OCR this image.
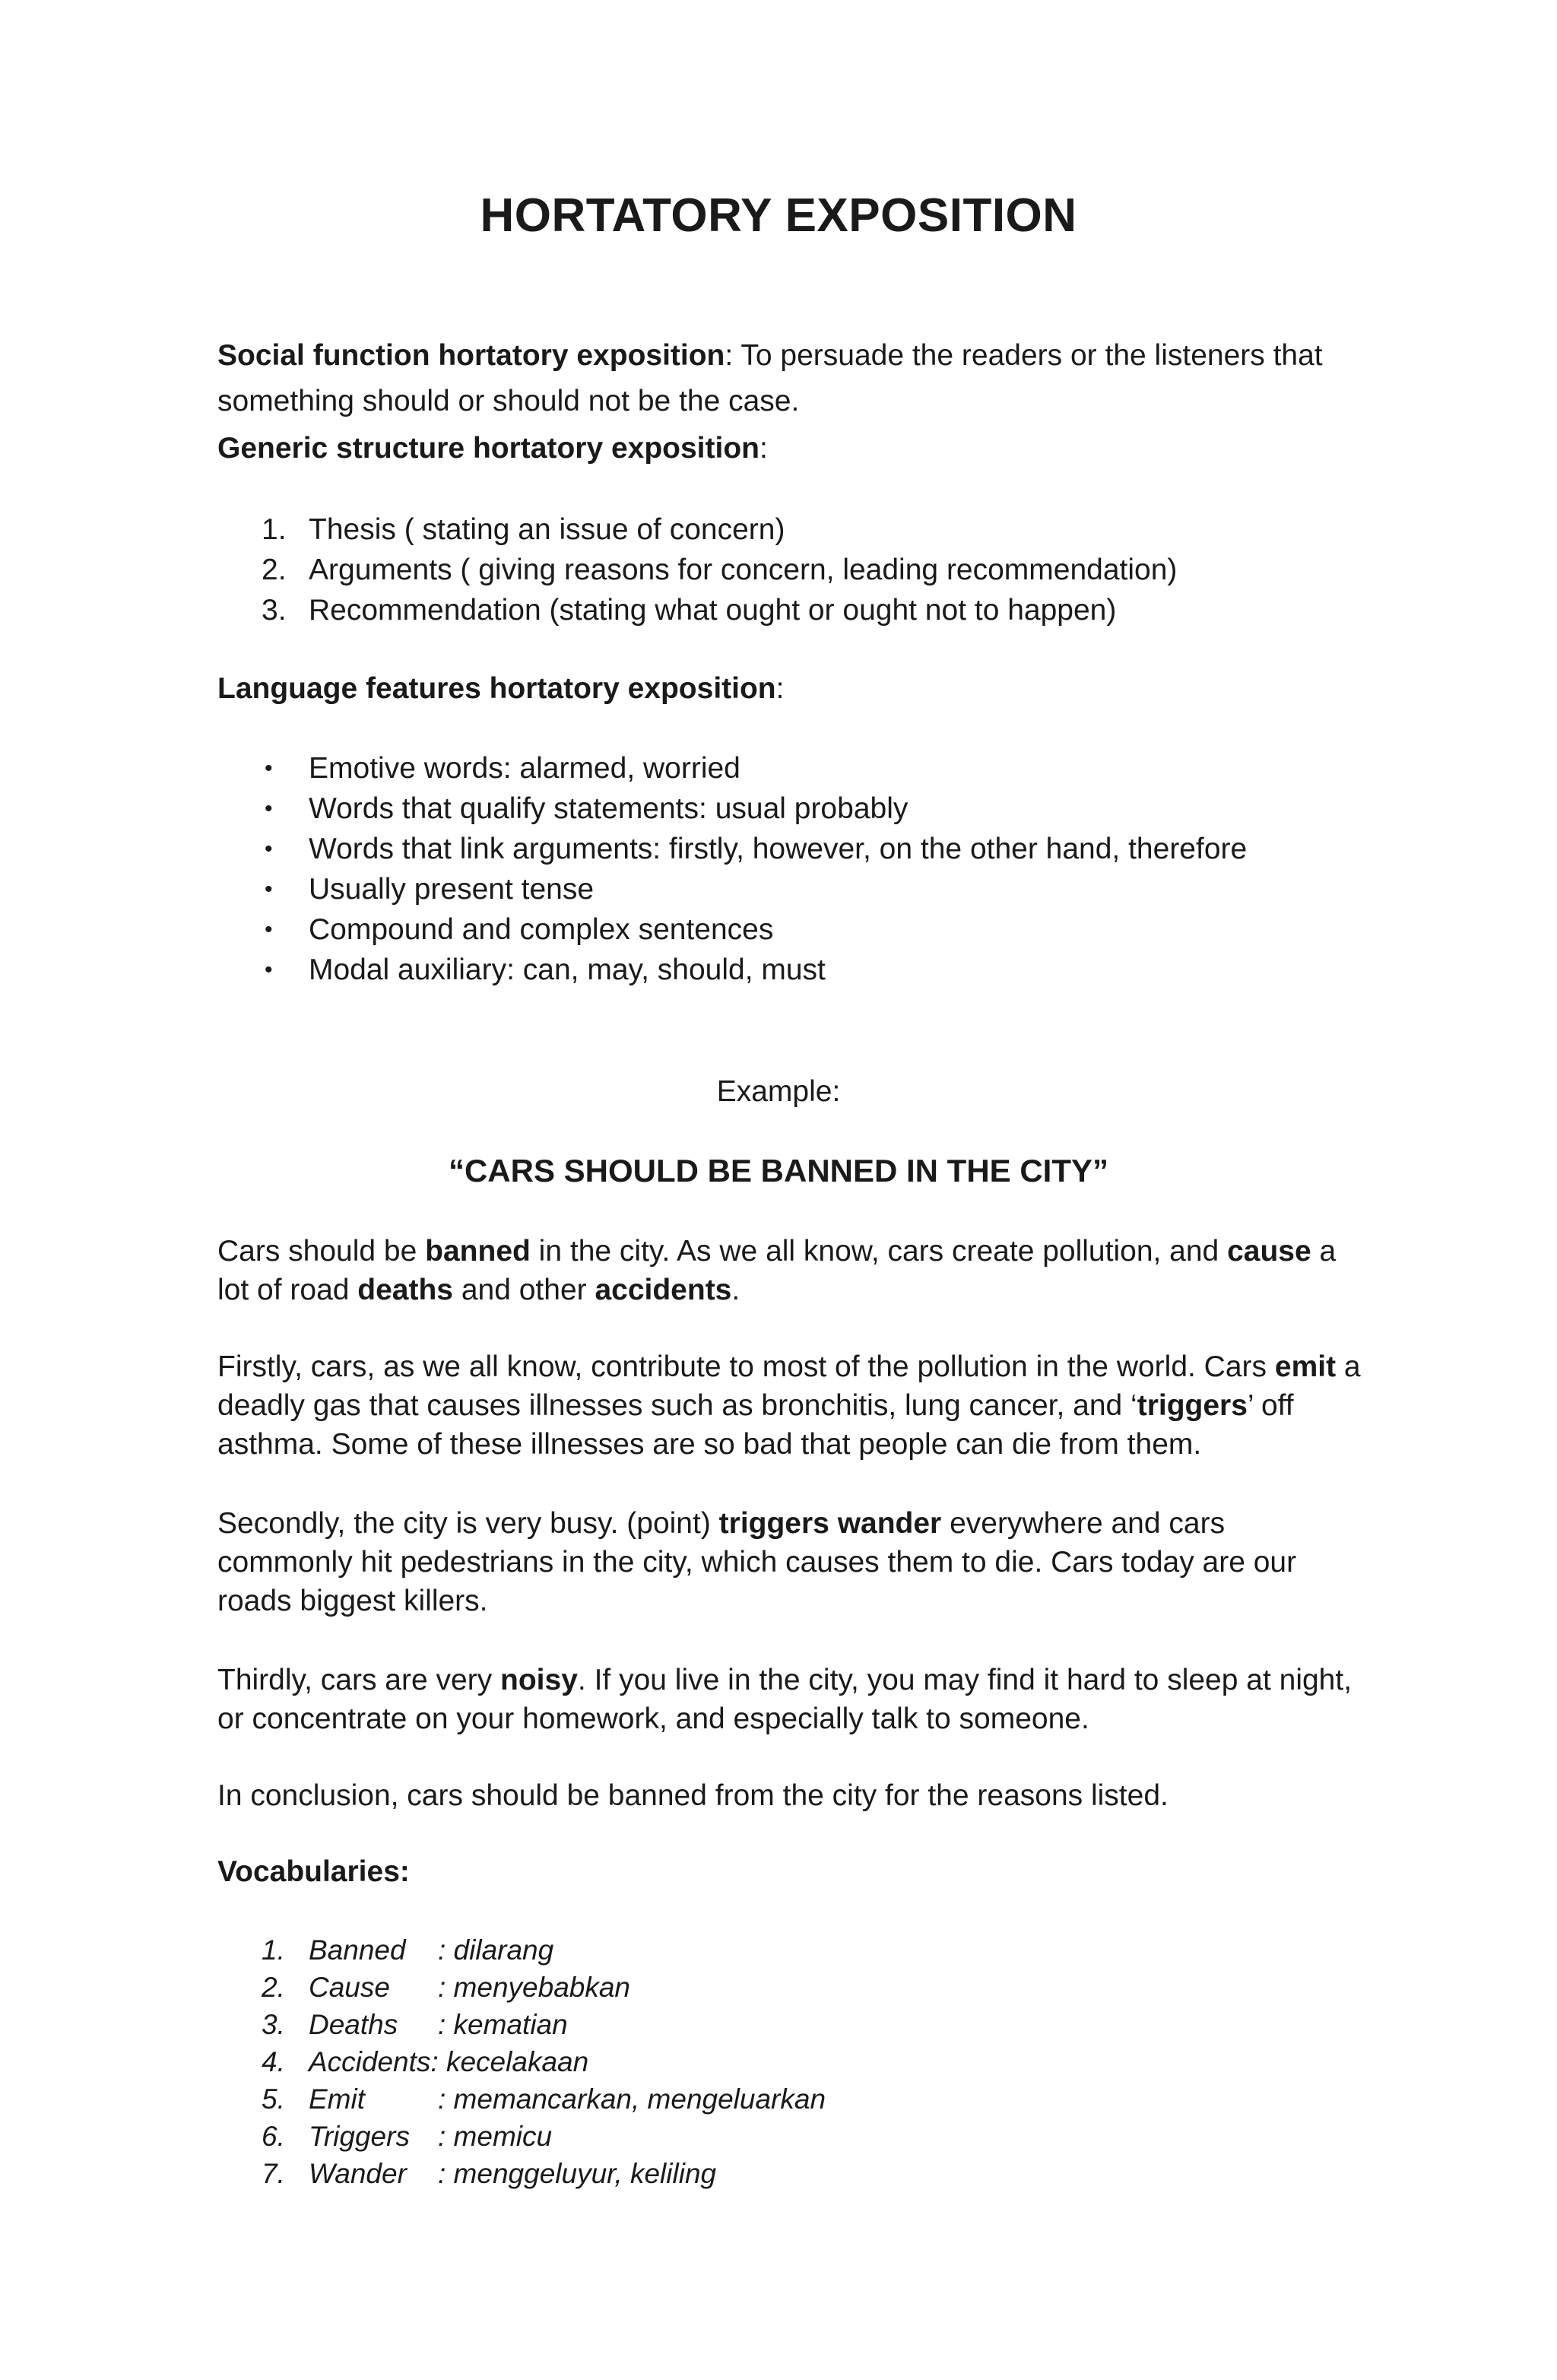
HORTATORY EXPOSITION
Social function hortatory exposition: To persuade the readers or the listeners that
something should or should not be the case.
Generic structure hortatory exposition:
1. Thesis ( stating an issue of concern)
2. Arguments ( giving reasons for concern, leading recommendation)
3. Recommendation (stating what ought or ought not to happen)
Language features hortatory exposition:
• Emotive words: alarmed, worried
• Words that qualify statements: usual probably
• Words that link arguments: firstly, however, on the other hand, therefore
• Usually present tense
• Compound and complex sentences
• Modal auxiliary: can, may, should, must
Example:
“CARS SHOULD BE BANNED IN THE CITY”
Cars should be banned in the city. As we all know, cars create pollution, and cause a lot of road deaths and other accidents.
Firstly, cars, as we all know, contribute to most of the pollution in the world. Cars emit a deadly gas that causes illnesses such as bronchitis, lung cancer, and ‘triggers’ off asthma. Some of these illnesses are so bad that people can die from them.
Secondly, the city is very busy. (point) triggers wander everywhere and cars commonly hit pedestrians in the city, which causes them to die. Cars today are our roads biggest killers.
Thirdly, cars are very noisy. If you live in the city, you may find it hard to sleep at night, or concentrate on your homework, and especially talk to someone.
In conclusion, cars should be banned from the city for the reasons listed.
Vocabularies:
1. Banned : dilarang
2. Cause : menyebabkan
3. Deaths : kematian
4. Accidents: kecelakaan
5. Emit	: memancarkan, mengeluarkan
6. Triggers : memicu
7. Wander : menggeluyur, keliling
